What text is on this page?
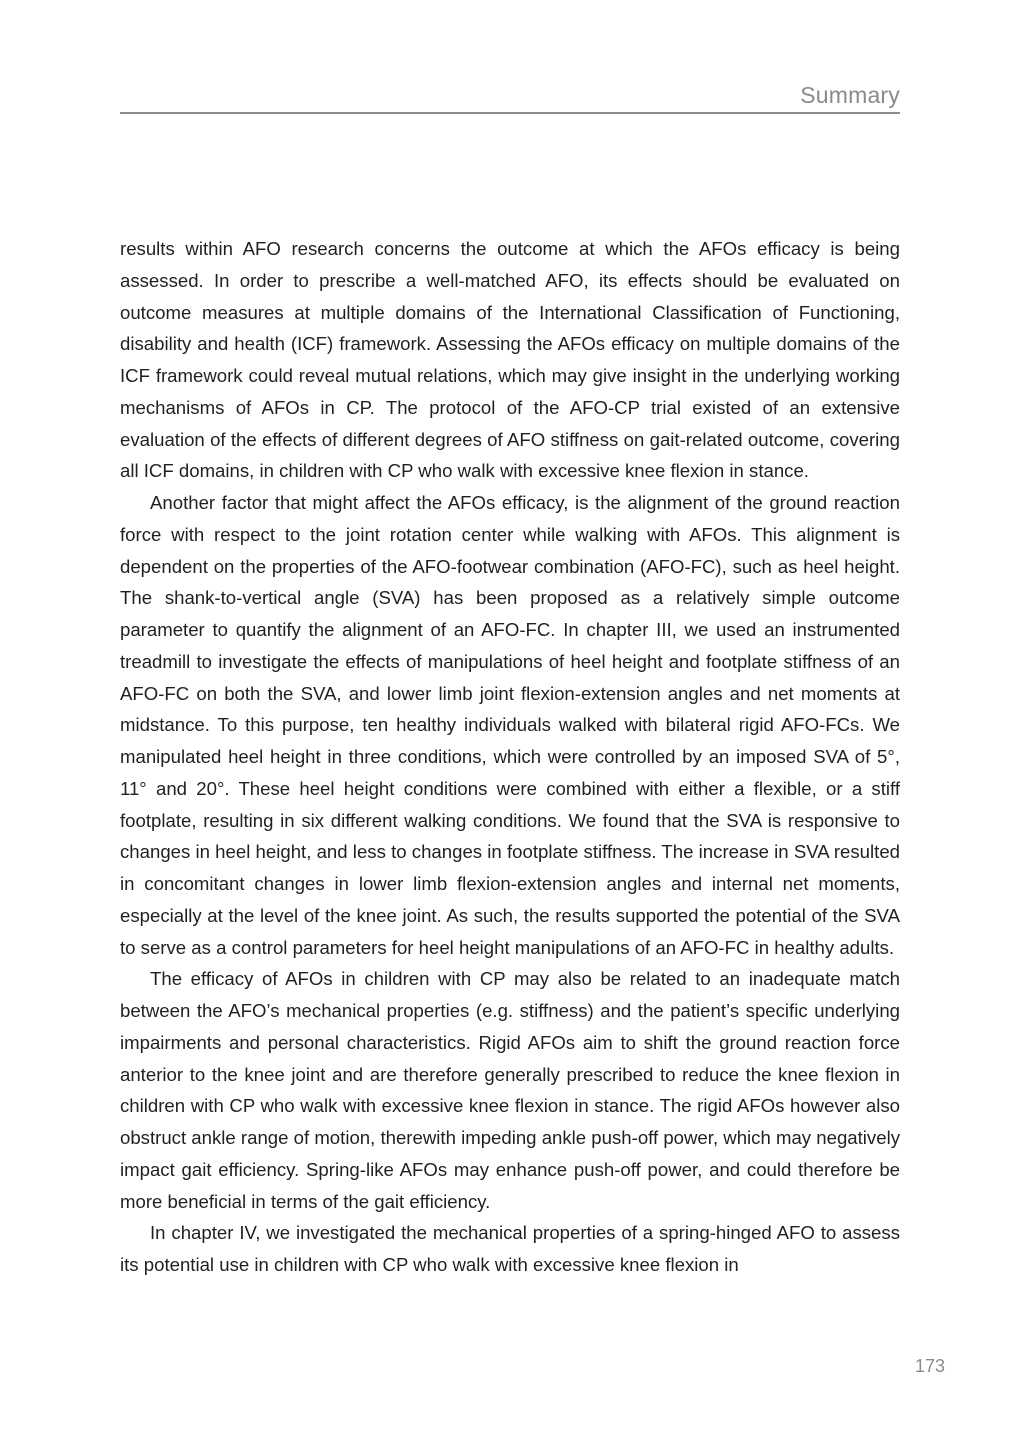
Summary

results within AFO research concerns the outcome at which the AFOs efficacy is being assessed. In order to prescribe a well-matched AFO, its effects should be evaluated on outcome measures at multiple domains of the International Classification of Functioning, disability and health (ICF) framework. Assessing the AFOs efficacy on multiple domains of the ICF framework could reveal mutual relations, which may give insight in the underlying working mechanisms of AFOs in CP. The protocol of the AFO-CP trial existed of an extensive evaluation of the effects of different degrees of AFO stiffness on gait-related outcome, covering all ICF domains, in children with CP who walk with excessive knee flexion in stance.

Another factor that might affect the AFOs efficacy, is the alignment of the ground reaction force with respect to the joint rotation center while walking with AFOs. This alignment is dependent on the properties of the AFO-footwear combination (AFO-FC), such as heel height. The shank-to-vertical angle (SVA) has been proposed as a relatively simple outcome parameter to quantify the alignment of an AFO-FC. In chapter III, we used an instrumented treadmill to investigate the effects of manipulations of heel height and footplate stiffness of an AFO-FC on both the SVA, and lower limb joint flexion-extension angles and net moments at midstance. To this purpose, ten healthy individuals walked with bilateral rigid AFO-FCs. We manipulated heel height in three conditions, which were controlled by an imposed SVA of 5°, 11° and 20°. These heel height conditions were combined with either a flexible, or a stiff footplate, resulting in six different walking conditions. We found that the SVA is responsive to changes in heel height, and less to changes in footplate stiffness. The increase in SVA resulted in concomitant changes in lower limb flexion-extension angles and internal net moments, especially at the level of the knee joint. As such, the results supported the potential of the SVA to serve as a control parameters for heel height manipulations of an AFO-FC in healthy adults.

The efficacy of AFOs in children with CP may also be related to an inadequate match between the AFO’s mechanical properties (e.g. stiffness) and the patient’s specific underlying impairments and personal characteristics. Rigid AFOs aim to shift the ground reaction force anterior to the knee joint and are therefore generally prescribed to reduce the knee flexion in children with CP who walk with excessive knee flexion in stance. The rigid AFOs however also obstruct ankle range of motion, therewith impeding ankle push-off power, which may negatively impact gait efficiency. Spring-like AFOs may enhance push-off power, and could therefore be more beneficial in terms of the gait efficiency.

In chapter IV, we investigated the mechanical properties of a spring-hinged AFO to assess its potential use in children with CP who walk with excessive knee flexion in

173
